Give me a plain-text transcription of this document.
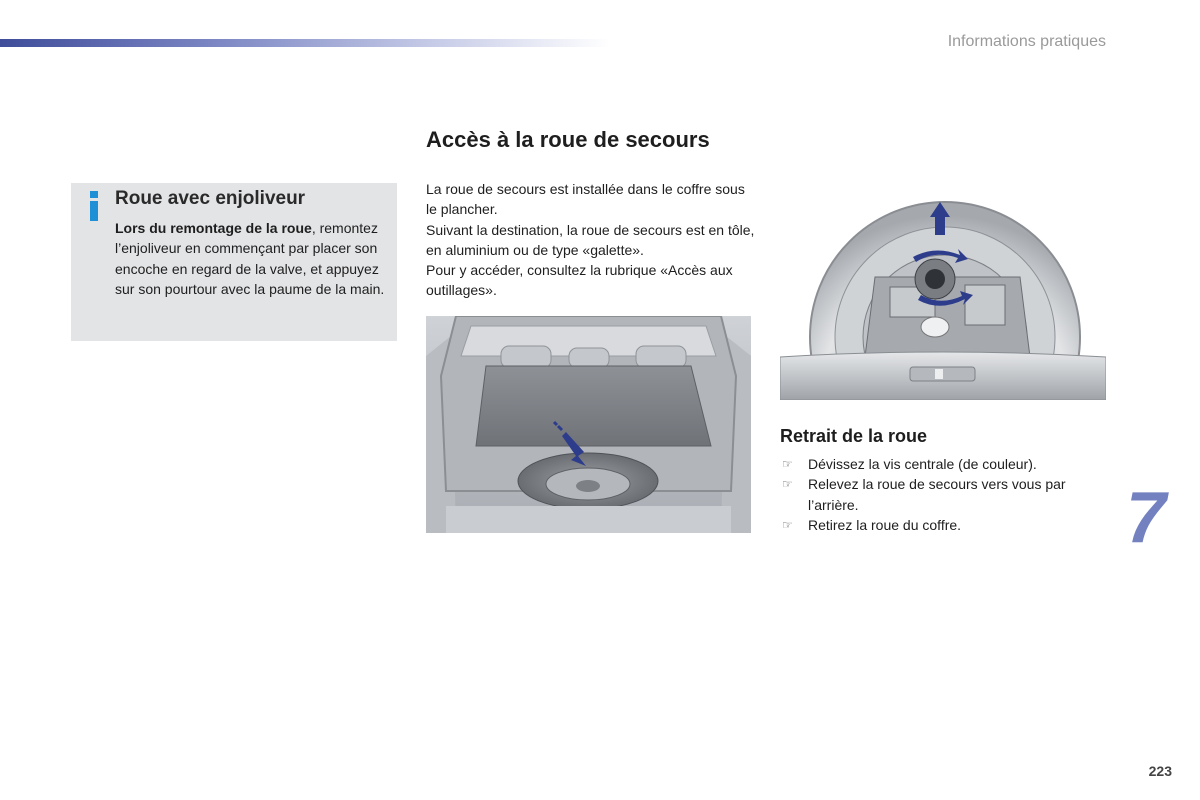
Informations pratiques
Roue avec enjoliveur
Lors du remontage de la roue, remontez l’enjoliveur en commençant par placer son encoche en regard de la valve, et appuyez sur son pourtour avec la paume de la main.
Accès à la roue de secours
La roue de secours est installée dans le coffre sous le plancher.
Suivant la destination, la roue de secours est en tôle, en aluminium ou de type «galette».
Pour y accéder, consultez la rubrique «Accès aux outillages».
Retrait de la roue
☞ Dévissez la vis centrale (de couleur).
☞ Relevez la roue de secours vers vous par l’arrière.
☞ Retirez la roue du coffre.	7
223
